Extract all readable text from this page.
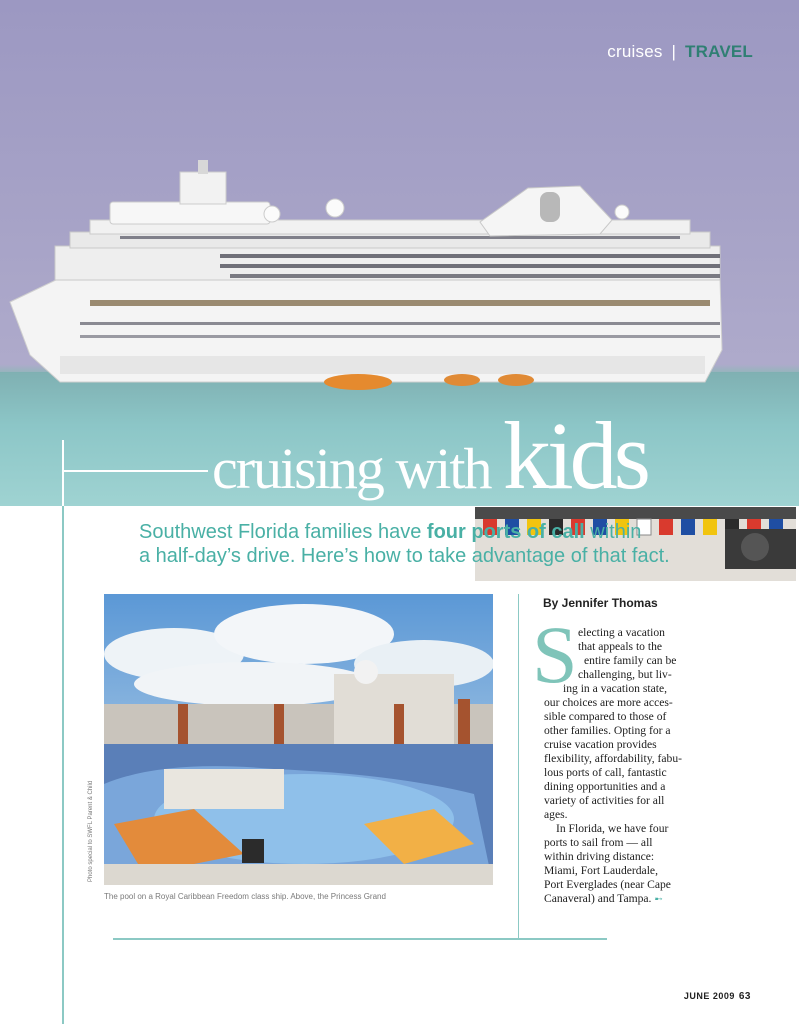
cruises | TRAVEL
cruising with kids
Southwest Florida families have four ports of call within
a half-day’s drive. Here’s how to take advantage of that fact.
Photo special to SWFL Parent & Child
The pool on a Royal Caribbean Freedom class ship. Above, the Princess Grand
By Jennifer Thomas
S electing a vacation
that appeals to the
entire family can be
challenging, but liv-
ing in a vacation state,
our choices are more acces-
sible compared to those of
other families. Opting for a
cruise vacation provides
flexibility, affordability, fabu-
lous ports of call, fantastic
dining opportunities and a
variety of activities for all
ages.
In Florida, we have four
ports to sail from — all
within driving distance:
Miami, Fort Lauderdale,
Port Everglades (near Cape
Canaveral) and Tampa. ➸
JUNE 2009 63
